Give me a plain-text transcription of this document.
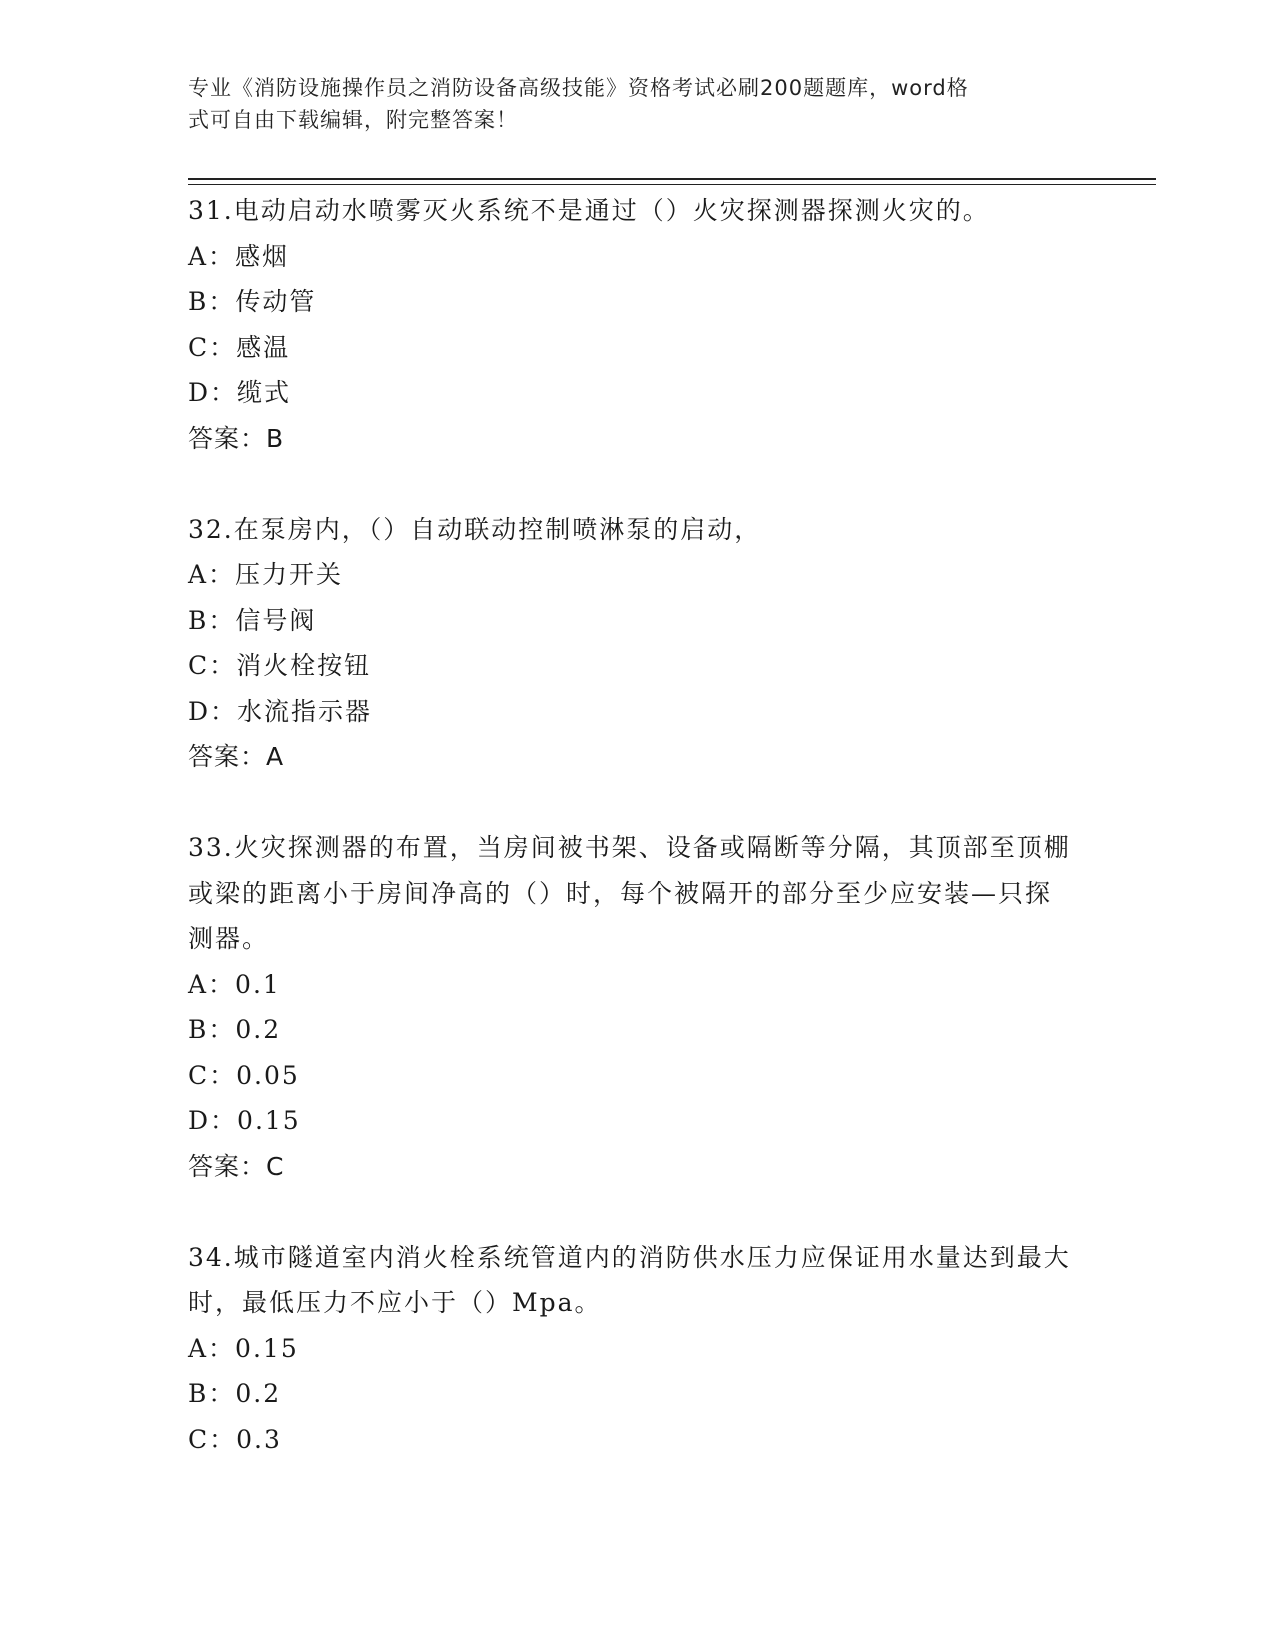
专业《消防设施操作员之消防设备高级技能》资格考试必刷200题题库，word格
式可自由下载编辑，附完整答案！

31.电动启动水喷雾灭火系统不是通过（）火灾探测器探测火灾的。

A：感烟

B：传动管

C：感温

D：缆式

答案：B

32.在泵房内，（）自动联动控制喷淋泵的启动，

A：压力开关

B：信号阀

C：消火栓按钮

D：水流指示器

答案：A

33.火灾探测器的布置，当房间被书架、设备或隔断等分隔，其顶部至顶棚或梁的距离小于房间净高的（）时，每个被隔开的部分至少应安装—只探测器。

A：0.1

B：0.2

C：0.05

D：0.15

答案：C

34.城市隧道室内消火栓系统管道内的消防供水压力应保证用水量达到最大时，最低压力不应小于（）Mpa。

A：0.15

B：0.2

C：0.3
